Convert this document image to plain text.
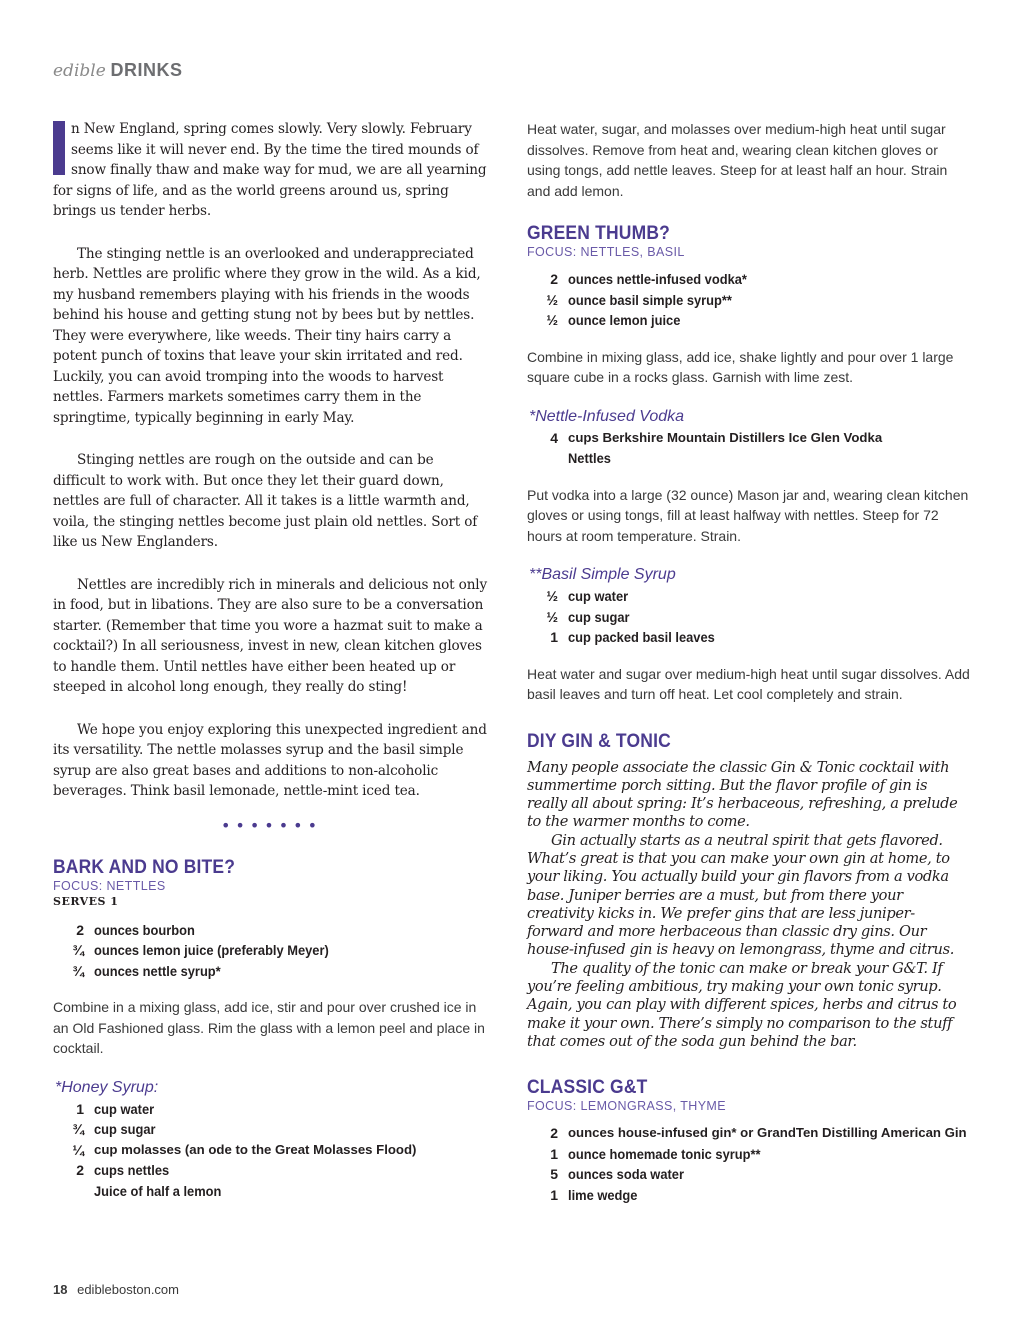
edible DRINKS

n New England, spring comes slowly. Very slowly. February seems like it will never end. By the time the tired mounds of snow finally thaw and make way for mud, we are all yearning for signs of life, and as the world greens around us, spring brings us tender herbs.

The stinging nettle is an overlooked and underappreciated herb. Nettles are prolific where they grow in the wild. As a kid, my husband remembers playing with his friends in the woods behind his house and getting stung not by bees but by nettles. They were everywhere, like weeds. Their tiny hairs carry a potent punch of toxins that leave your skin irritated and red. Luckily, you can avoid tromping into the woods to harvest nettles. Farmers markets sometimes carry them in the springtime, typically beginning in early May.

Stinging nettles are rough on the outside and can be difficult to work with. But once they let their guard down, nettles are full of character. All it takes is a little warmth and, voila, the stinging nettles become just plain old nettles. Sort of like us New Englanders.

Nettles are incredibly rich in minerals and delicious not only in food, but in libations. They are also sure to be a conversation starter. (Remember that time you wore a hazmat suit to make a cocktail?) In all seriousness, invest in new, clean kitchen gloves to handle them. Until nettles have either been heated up or steeped in alcohol long enough, they really do sting!

We hope you enjoy exploring this unexpected ingredient and its versatility. The nettle molasses syrup and the basil simple syrup are also great bases and additions to non-alcoholic beverages. Think basil lemonade, nettle-mint iced tea.

•••••••
BARK AND NO BITE?

FOCUS: NETTLES

SERVES 1

2 ounces bourbon
¾ ounces lemon juice (preferably Meyer)
¾ ounces nettle syrup*

Combine in a mixing glass, add ice, stir and pour over crushed ice in an Old Fashioned glass. Rim the glass with a lemon peel and place in cocktail.

*Honey Syrup:

1 cup water
¾ cup sugar
¼ cup molasses (an ode to the Great Molasses Flood)
2 cups nettles
Juice of half a lemon

Heat water, sugar, and molasses over medium-high heat until sugar dissolves. Remove from heat and, wearing clean kitchen gloves or using tongs, add nettle leaves. Steep for at least half an hour. Strain and add lemon.

GREEN THUMB?

FOCUS: NETTLES, BASIL

2 ounces nettle-infused vodka*
½ ounce basil simple syrup**
½ ounce lemon juice

Combine in mixing glass, add ice, shake lightly and pour over 1 large square cube in a rocks glass. Garnish with lime zest.

*Nettle-Infused Vodka

4 cups Berkshire Mountain Distillers Ice Glen Vodka
Nettles

Put vodka into a large (32 ounce) Mason jar and, wearing clean kitchen gloves or using tongs, fill at least halfway with nettles. Steep for 72 hours at room temperature. Strain.

**Basil Simple Syrup

½ cup water
½ cup sugar
1 cup packed basil leaves

Heat water and sugar over medium-high heat until sugar dissolves. Add basil leaves and turn off heat. Let cool completely and strain.

DIY GIN & TONIC

Many people associate the classic Gin & Tonic cocktail with summertime porch sitting. But the flavor profile of gin is really all about spring: It’s herbaceous, refreshing, a prelude to the warmer months to come.

Gin actually starts as a neutral spirit that gets flavored. What’s great is that you can make your own gin at home, to your liking. You actually build your gin flavors from a vodka base. Juniper berries are a must, but from there your creativity kicks in. We prefer gins that are less juniper-forward and more herbaceous than classic dry gins. Our house-infused gin is heavy on lemongrass, thyme and citrus.

The quality of the tonic can make or break your G&T. If you’re feeling ambitious, try making your own tonic syrup. Again, you can play with different spices, herbs and citrus to make it your own. There’s simply no comparison to the stuff that comes out of the soda gun behind the bar.

CLASSIC G&T

FOCUS: LEMONGRASS, THYME

2 ounces house-infused gin* or GrandTen Distilling American Gin
1 ounce homemade tonic syrup**
5 ounces soda water
1 lime wedge
18 edibleboston.com
